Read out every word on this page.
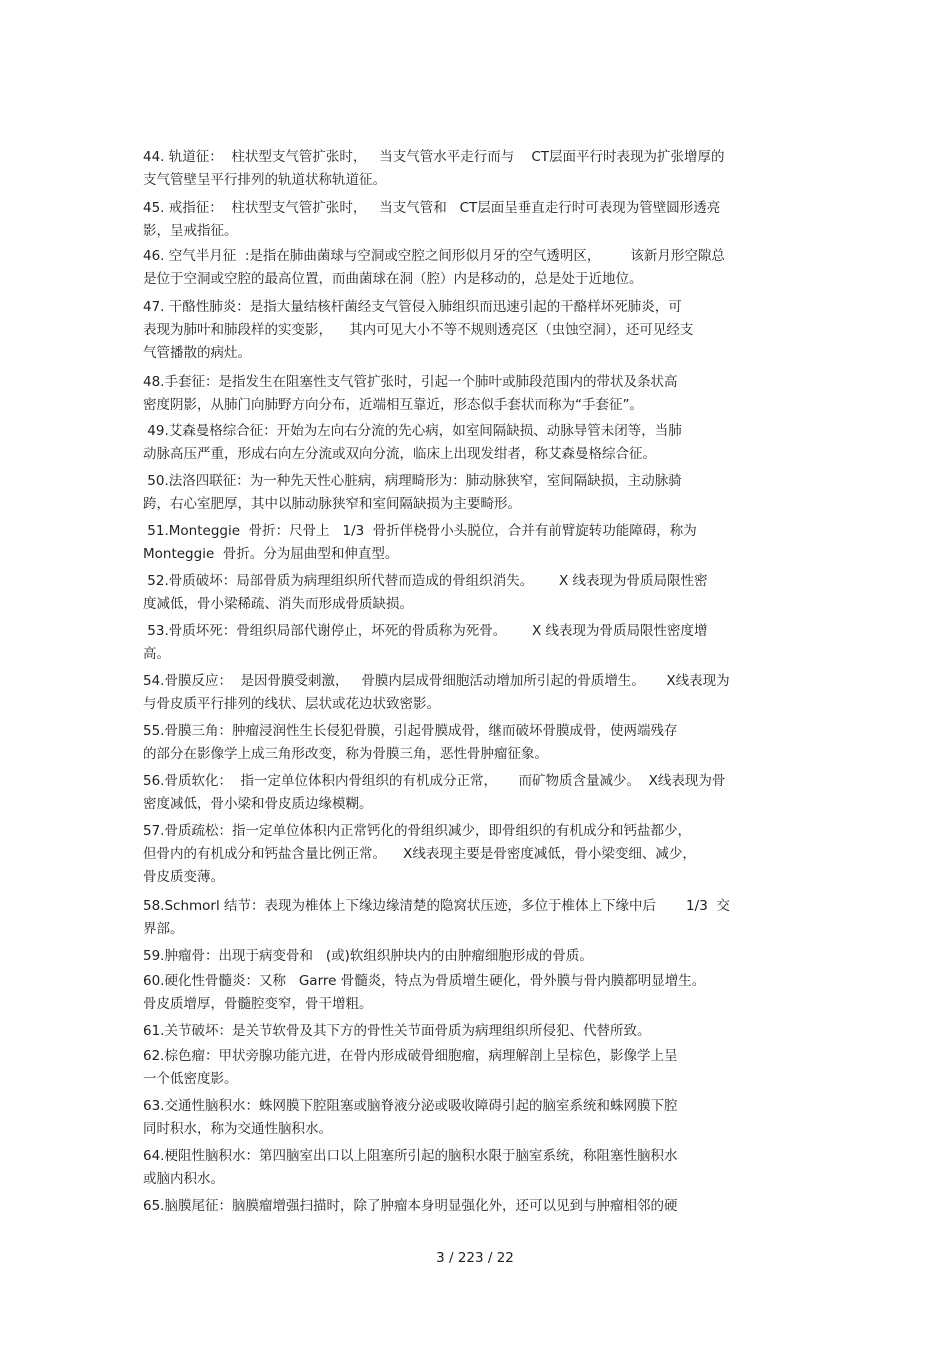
44. 轨道征：  柱状型支气管扩张时，   当支气管水平走行而与    CT层面平行时表现为扩张增厚的
支气管壁呈平行排列的轨道状称轨道征。
45. 戒指征：  柱状型支气管扩张时，   当支气管和   CT层面呈垂直走行时可表现为管壁圆形透亮
影，呈戒指征。
46. 空气半月征  :是指在肺曲菌球与空洞或空腔之间形似月牙的空气透明区，       该新月形空隙总
是位于空洞或空腔的最高位置，而曲菌球在洞（腔）内是移动的，总是处于近地位。
47. 干酪性肺炎：是指大量结核杆菌经支气管侵入肺组织而迅速引起的干酪样坏死肺炎，可
表现为肺叶和肺段样的实变影，    其内可见大小不等不规则透亮区（虫蚀空洞），还可见经支
气管播散的病灶。
48.手套征：是指发生在阻塞性支气管扩张时，引起一个肺叶或肺段范围内的带状及条状高
密度阴影，从肺门向肺野方向分布，近端相互靠近，形态似手套状而称为“手套征”。
49.艾森曼格综合征：开始为左向右分流的先心病，如室间隔缺损、动脉导管未闭等，当肺
动脉高压严重，形成右向左分流或双向分流，临床上出现发绀者，称艾森曼格综合征。
50.法洛四联征：为一种先天性心脏病，病理畸形为：肺动脉狭窄，室间隔缺损，主动脉骑
跨，右心室肥厚，其中以肺动脉狭窄和室间隔缺损为主要畸形。
51.Monteggie  骨折：尺骨上   1/3  骨折伴桡骨小头脱位，合并有前臂旋转功能障碍，称为
Monteggie  骨折。分为屈曲型和伸直型。
52.骨质破坏：局部骨质为病理组织所代替而造成的骨组织消失。      X 线表现为骨质局限性密
度减低，骨小梁稀疏、消失而形成骨质缺损。
53.骨质坏死：骨组织局部代谢停止，坏死的骨质称为死骨。      X 线表现为骨质局限性密度增
高。
54.骨膜反应：  是因骨膜受刺激，   骨膜内层成骨细胞活动增加所引起的骨质增生。     X线表现为
与骨皮质平行排列的线状、层状或花边状致密影。
55.骨膜三角：肿瘤浸润性生长侵犯骨膜，引起骨膜成骨，继而破坏骨膜成骨，使两端残存
的部分在影像学上成三角形改变，称为骨膜三角，恶性骨肿瘤征象。
56.骨质软化：  指一定单位体积内骨组织的有机成分正常，     而矿物质含量减少。  X线表现为骨
密度减低，骨小梁和骨皮质边缘模糊。
57.骨质疏松：指一定单位体积内正常钙化的骨组织减少，即骨组织的有机成分和钙盐都少，
但骨内的有机成分和钙盐含量比例正常。    X线表现主要是骨密度减低，骨小梁变细、减少，
骨皮质变薄。
58.Schmorl 结节：表现为椎体上下缘边缘清楚的隐窝状压迹，多位于椎体上下缘中后       1/3  交
界部。
59.肿瘤骨：出现于病变骨和   (或)软组织肿块内的由肿瘤细胞形成的骨质。
60.硬化性骨髓炎：又称   Garre 骨髓炎，特点为骨质增生硬化，骨外膜与骨内膜都明显增生。
骨皮质增厚，骨髓腔变窄，骨干增粗。
61.关节破坏：是关节软骨及其下方的骨性关节面骨质为病理组织所侵犯、代替所致。
62.棕色瘤：甲状旁腺功能亢进，在骨内形成破骨细胞瘤，病理解剖上呈棕色，影像学上呈
一个低密度影。
63.交通性脑积水：蛛网膜下腔阻塞或脑脊液分泌或吸收障碍引起的脑室系统和蛛网膜下腔
同时积水，称为交通性脑积水。
64.梗阻性脑积水：第四脑室出口以上阻塞所引起的脑积水限于脑室系统，称阻塞性脑积水
或脑内积水。
65.脑膜尾征：脑膜瘤增强扫描时，除了肿瘤本身明显强化外，还可以见到与肿瘤相邻的硬
3 / 223 / 22
